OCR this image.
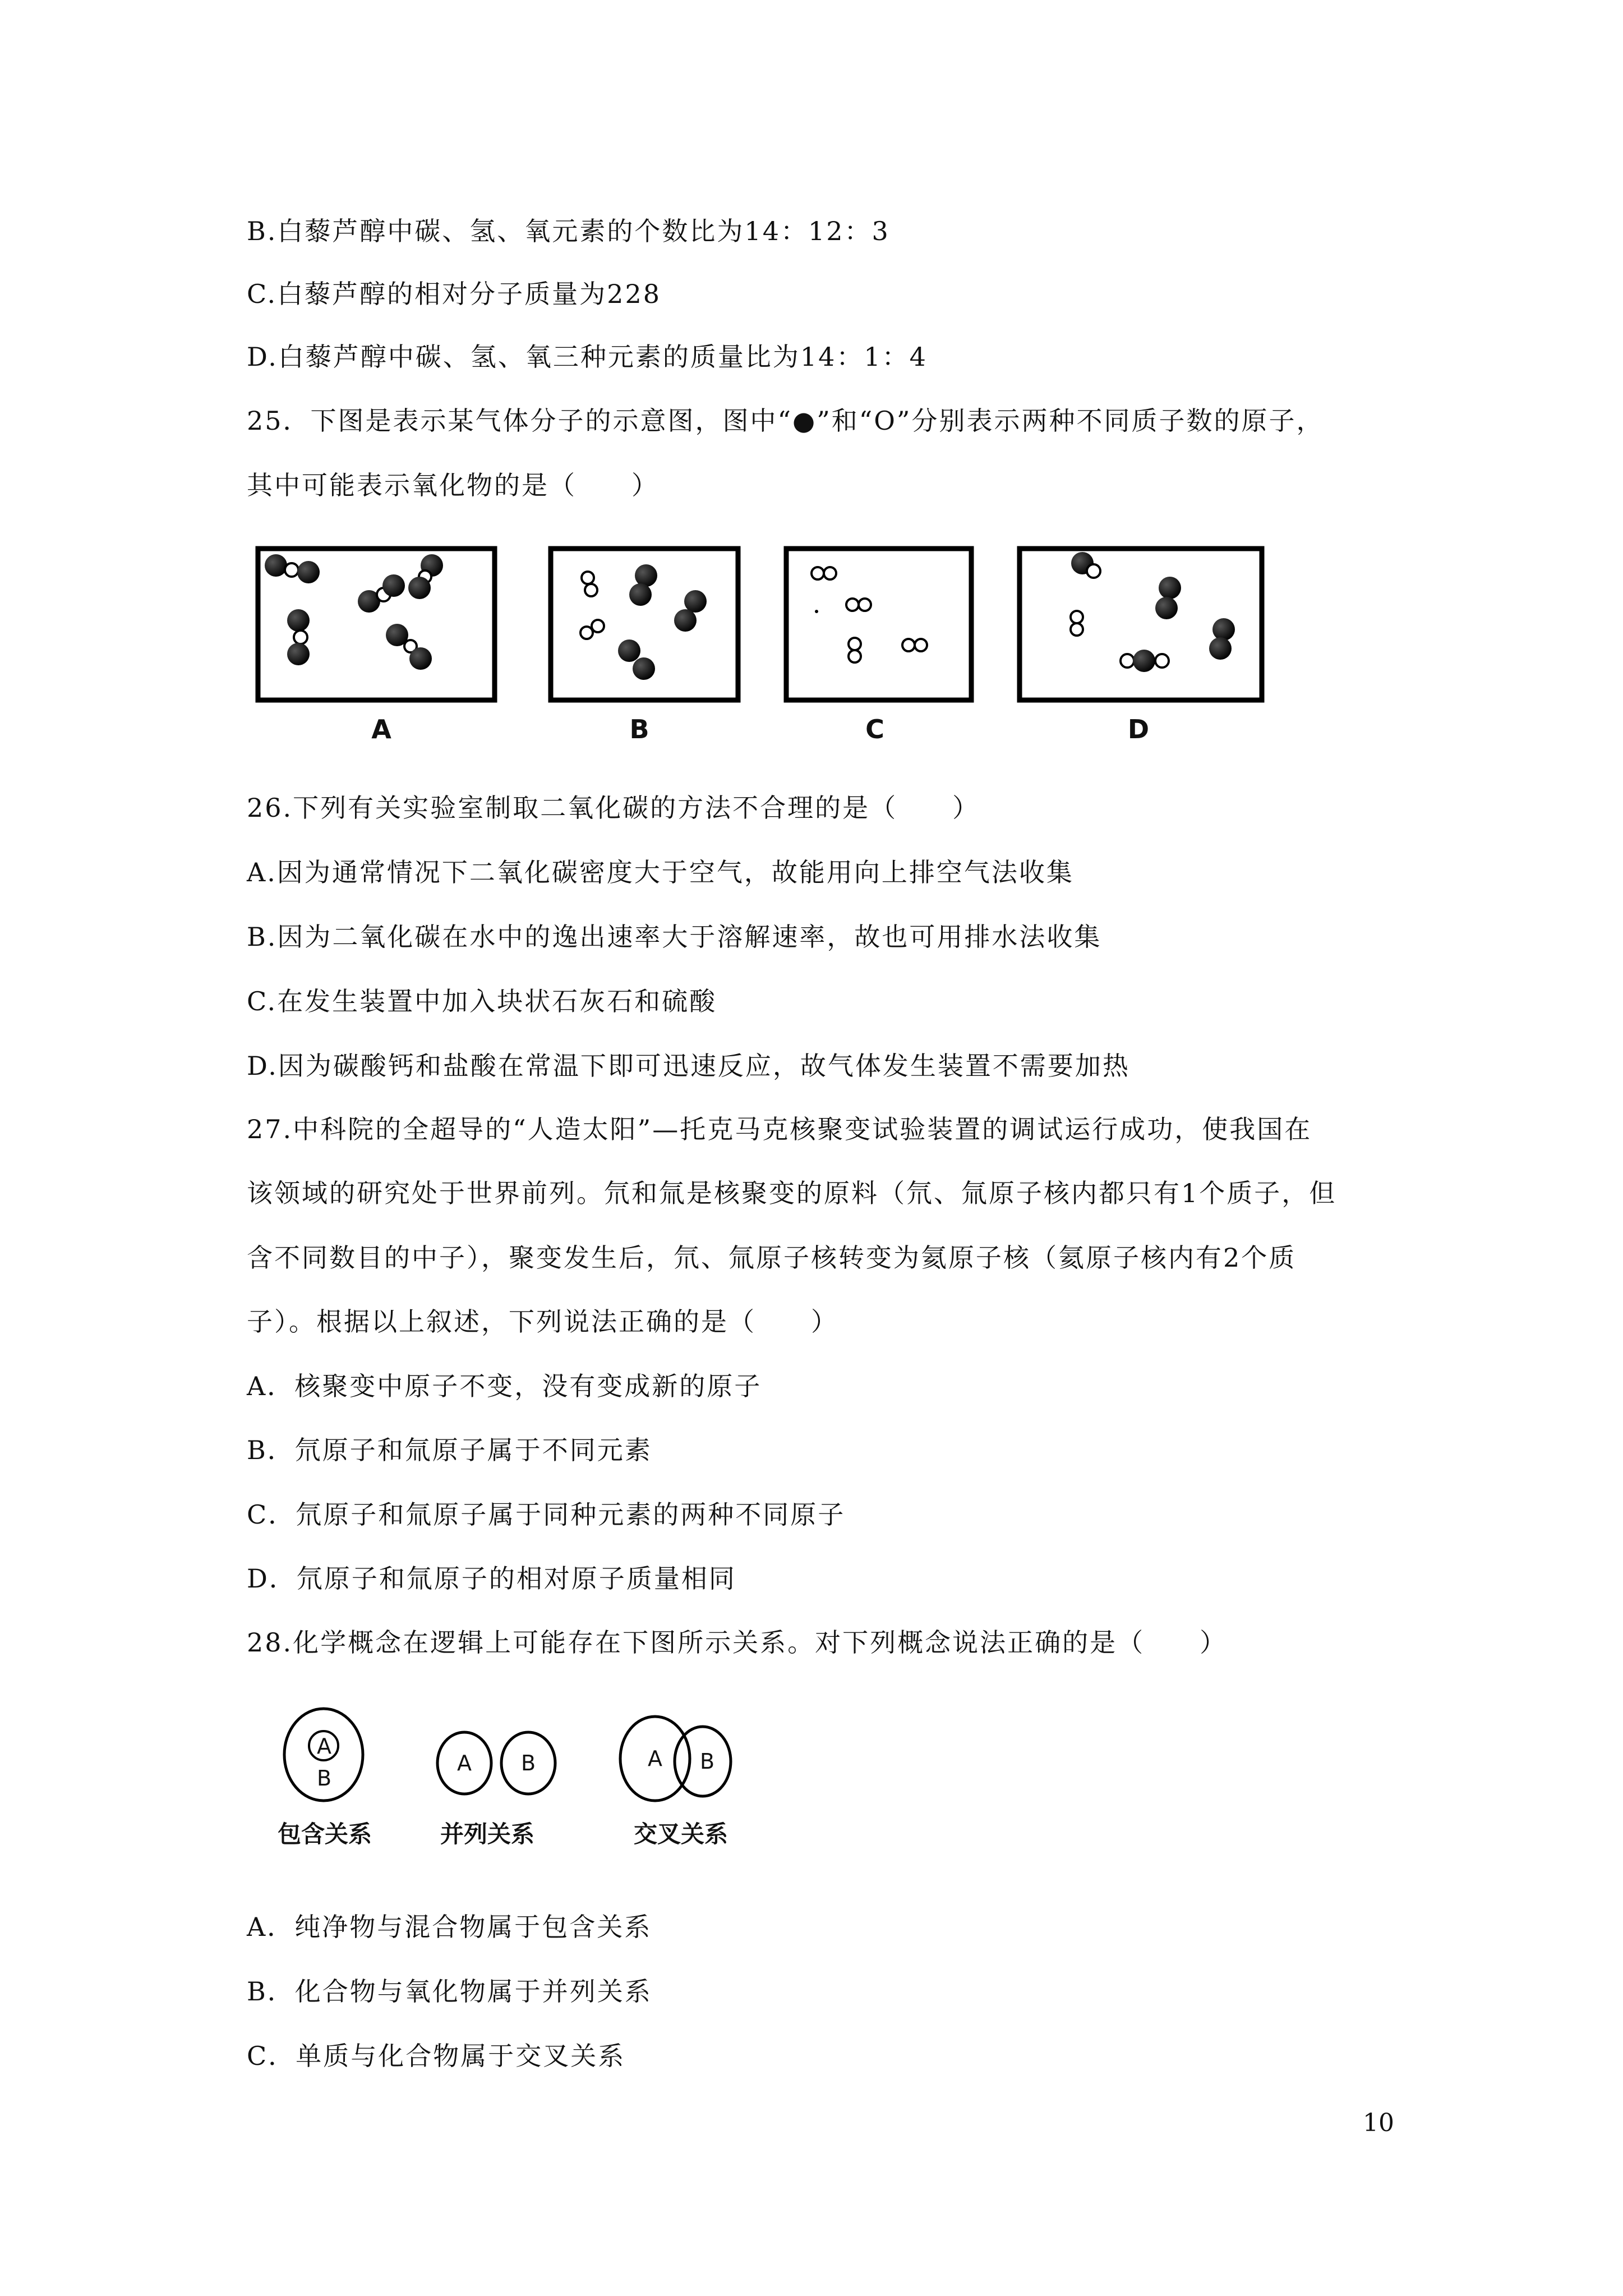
B.白藜芦醇中碳、氢、氧元素的个数比为14：12：3

C.白藜芦醇的相对分子质量为228

D.白藜芦醇中碳、氢、氧三种元素的质量比为14：1：4

25．下图是表示某气体分子的示意图，图中“●”和“O”分别表示两种不同质子数的原子，

其中可能表示氧化物的是（　　）

A	B	C	D

26.下列有关实验室制取二氧化碳的方法不合理的是（　　）

A.因为通常情况下二氧化碳密度大于空气，故能用向上排空气法收集

B.因为二氧化碳在水中的逸出速率大于溶解速率，故也可用排水法收集

C.在发生装置中加入块状石灰石和硫酸

D.因为碳酸钙和盐酸在常温下即可迅速反应，故气体发生装置不需要加热

27.中科院的全超导的“人造太阳”—托克马克核聚变试验装置的调试运行成功，使我国在

该领域的研究处于世界前列。氘和氚是核聚变的原料（氘、氚原子核内都只有1个质子，但

含不同数目的中子），聚变发生后，氘、氚原子核转变为氦原子核（氦原子核内有2个质

子）。根据以上叙述，下列说法正确的是（　　）

A．核聚变中原子不变，没有变成新的原子

B．氘原子和氚原子属于不同元素

C．氘原子和氚原子属于同种元素的两种不同原子

D．氘原子和氚原子的相对原子质量相同

28.化学概念在逻辑上可能存在下图所示关系。对下列概念说法正确的是（　　）

A
B
A B	A B
包含关系	并列关系	交叉关系

A．纯净物与混合物属于包含关系

B．化合物与氧化物属于并列关系

C．单质与化合物属于交叉关系

10
